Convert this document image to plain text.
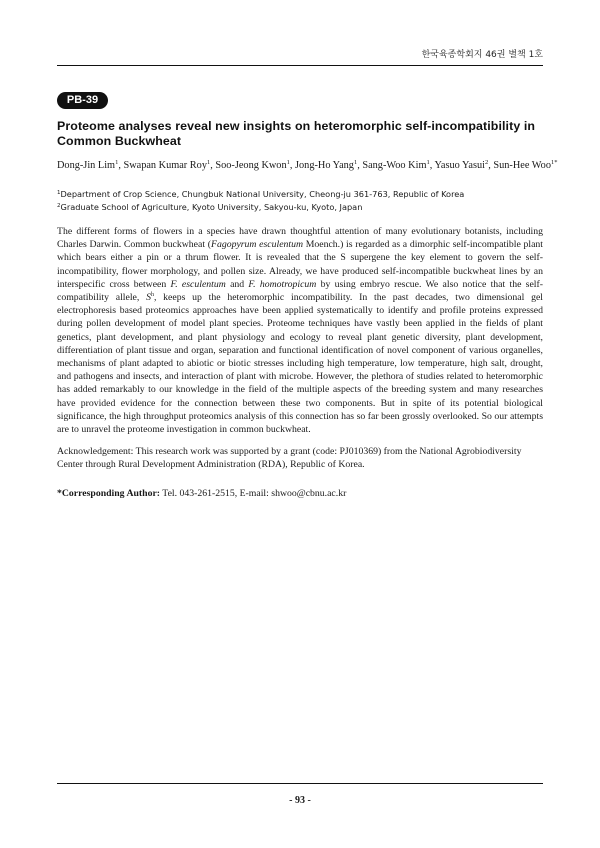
한국육종학회지 46권 별책 1호
PB-39
Proteome analyses reveal new insights on heteromorphic self-incompatibility in
Common Buckwheat
Dong-Jin Lim$^1$, Swapan Kumar Roy$^1$, Soo-Jeong Kwon$^1$, Jong-Ho Yang$^1$, Sang-Woo Kim$^1$, Yasuo Yasui$^2$, Sun-Hee Woo$^{1*}$
$^1$Department of Crop Science, Chungbuk National University, Cheong-ju 361-763, Republic of Korea
$^2$Graduate School of Agriculture, Kyoto University, Sakyou-ku, Kyoto, Japan

The different forms of flowers in a species have drawn thoughtful attention of many evolutionary botanists, including Charles Darwin. Common buckwheat (Fagopyrum esculentum Moench.) is regarded as a dimorphic self-incompatible plant which bears either a pin or a thrum flower. It is revealed that the S supergene the key element to govern the self-incompatibility, flower morphology, and pollen size. Already, we have produced self-incompatible buckwheat lines by an interspecific cross between F. esculentum and F. homotropicum by using embryo rescue. We also notice that the self-compatibility allele, $S^h$, keeps up the heteromorphic incompatibility. In the past decades, two dimensional gel electrophoresis based proteomics approaches have been applied systematically to identify and profile proteins expressed during pollen development of model plant species. Proteome techniques have vastly been applied in the fields of plant genetics, plant development, and plant physiology and ecology to reveal plant genetic diversity, plant development, differentiation of plant tissue and organ, separation and functional identification of novel component of various organelles, mechanisms of plant adapted to abiotic or biotic stresses including high temperature, low temperature, high salt, drought, and pathogens and insects, and interaction of plant with microbe. However, the plethora of studies related to heteromorphic has added remarkably to our knowledge in the field of the multiple aspects of the breeding system and many researches have provided evidence for the connection between these two components. But in spite of its potential biological significance, the high throughput proteomics analysis of this connection has so far been grossly overlooked. So our attempts are to unravel the proteome investigation in common buckwheat.

Acknowledgement: This research work was supported by a grant (code: PJ010369) from the National Agrobiodiversity Center through Rural Development Administration (RDA), Republic of Korea.

*Corresponding Author: Tel. 043-261-2515, E-mail: shwoo@cbnu.ac.kr

- 93 -
